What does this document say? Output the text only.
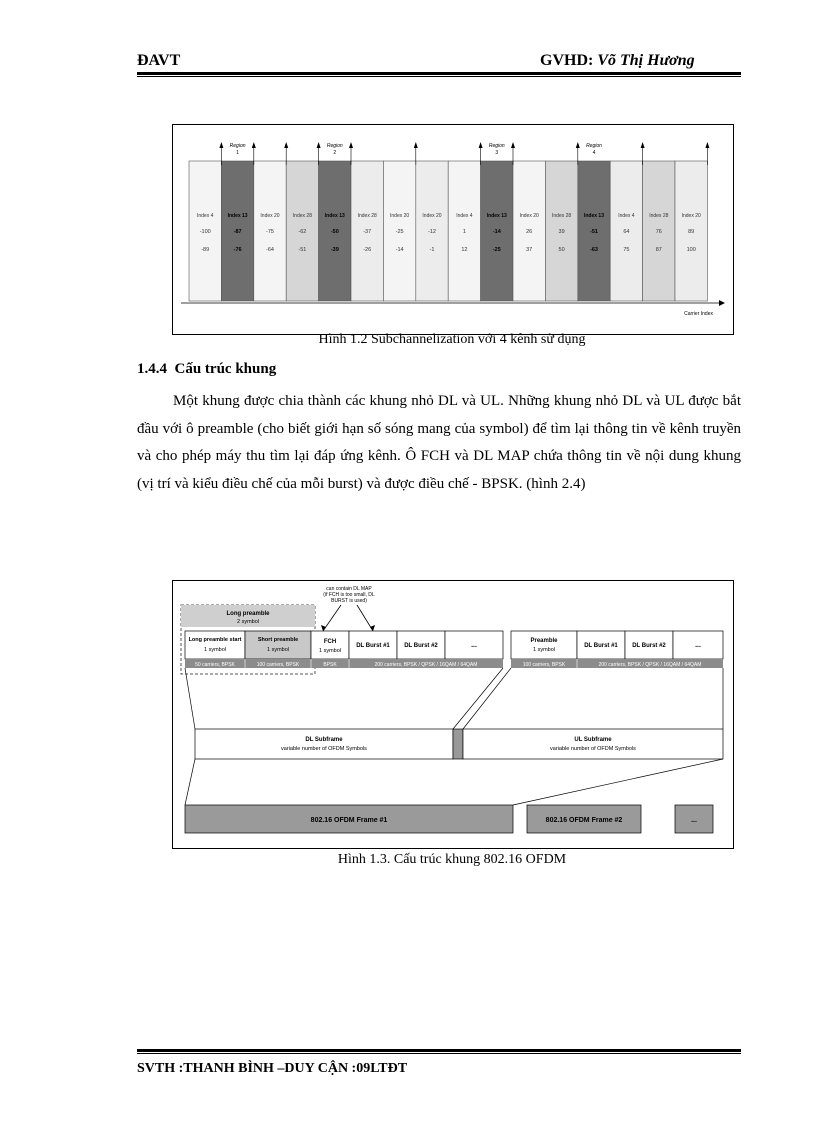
ĐAVT	GVHD: Võ Thị Hương
Index 4
-100
-89
Index 13
-87
-76
Index 20
-75
-64
Index 28
-62
-51
Index 13
-50
-39
Index 28
-37
-26
Index 20
-25
-14
Index 20
-12
-1
Index 4
1
12
Index 13
-14
-25
Index 20
26
37
Index 28
39
50
Index 13
-51
-63
Index 4
64
75
Index 28
76
87
Index 20
89
100
Carrier Index
Region
1
Region
2
Region
3
Region
4
Hình 1.2 Subchannelization với 4 kênh sử dụng
1.4.4 Cấu trúc khung
Một khung được chia thành các khung nhỏ DL và UL. Những khung nhỏ DL và UL được bắt đầu với ô preamble (cho biết giới hạn số sóng mang của symbol) để tìm lại thông tin về kênh truyền và cho phép máy thu tìm lại đáp ứng kênh. Ô FCH và DL MAP chứa thông tin về nội dung khung (vị trí và kiểu điều chế của mỗi burst) và được điều chế - BPSK. (hình 2.4)
can contain DL MAP
(if FCH is too small, DL
BURST is used)
Long preamble
2 symbol
Long preamble start
1 symbol
Short preamble
1 symbol
FCH
1 symbol
DL Burst #1 DL Burst #2	...
50 carriers, BPSK	100 carriers, BPSK	BPSK	200 carriers, BPSK / QPSK / 16QAM / 64QAM
Preamble
1 symbol
DL Burst #1 DL Burst #2	...
100 carriers, BPSK	200 carriers, BPSK / QPSK / 16QAM / 64QAM
DL Subframe
variable number of OFDM Symbols
UL Subframe
variable number of OFDM Symbols
802.16 OFDM Frame #1	802.16 OFDM Frame #2	...
Hình 1.3. Cấu trúc khung 802.16 OFDM
SVTH :THANH BÌNH –DUY CẬN :09LTĐT
